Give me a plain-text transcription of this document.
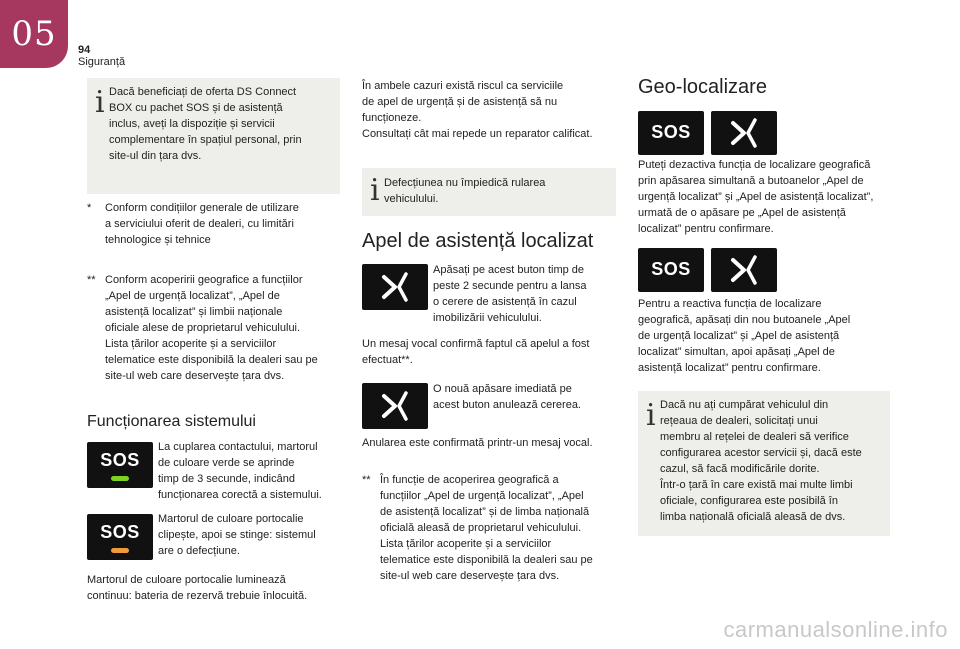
05	94
Siguranță
i Dacă beneficiați de oferta DS Connect
BOX cu pachet SOS și de asistență
inclus, aveți la dispoziție și servicii
complementare în spațiul personal, prin
site-ul din țara dvs.
* Conform condițiilor generale de utilizare
a serviciului oferit de dealeri, cu limitări
tehnologice și tehnice
** Conform acoperirii geografice a funcțiilor
„Apel de urgență localizat”, „Apel de
asistență localizat” și limbii naționale
oficiale alese de proprietarul vehiculului.
Lista țărilor acoperite și a serviciilor
telematice este disponibilă la dealeri sau pe
site-ul web care deservește țara dvs.
Funcționarea sistemului
SOS
La cuplarea contactului, martorul
de culoare verde se aprinde
timp de 3 secunde, indicând
funcționarea corectă a sistemului.
SOS
Martorul de culoare portocalie
clipește, apoi se stinge: sistemul
are o defecțiune.
Martorul de culoare portocalie luminează
continuu: bateria de rezervă trebuie înlocuită.
În ambele cazuri există riscul ca serviciile
de apel de urgență și de asistență să nu
funcționeze.
Consultați cât mai repede un reparator calificat.
i Defecțiunea nu împiedică rularea
vehiculului.
Apel de asistență localizat
Apăsați pe acest buton timp de
peste 2 secunde pentru a lansa
o cerere de asistență în cazul
imobilizării vehiculului.
Un mesaj vocal confirmă faptul că apelul a fost
efectuat**.
O nouă apăsare imediată pe
acest buton anulează cererea.
Anularea este confirmată printr-un mesaj vocal.
** În funcție de acoperirea geografică a
funcțiilor „Apel de urgență localizat”, „Apel
de asistență localizat” și de limba națională
oficială aleasă de proprietarul vehiculului.
Lista țărilor acoperite și a serviciilor
telematice este disponibilă la dealeri sau pe
site-ul web care deservește țara dvs.
Geo-localizare
SOS
Puteți dezactiva funcția de localizare geografică
prin apăsarea simultană a butoanelor „Apel de
urgență localizat” și „Apel de asistență localizat”,
urmată de o apăsare pe „Apel de asistență
localizat” pentru confirmare.
SOS
Pentru a reactiva funcția de localizare
geografică, apăsați din nou butoanele „Apel
de urgență localizat” și „Apel de asistență
localizat” simultan, apoi apăsați „Apel de
asistență localizat” pentru confirmare.
i Dacă nu ați cumpărat vehiculul din
rețeaua de dealeri, solicitați unui
membru al rețelei de dealeri să verifice
configurarea acestor servicii și, dacă este
cazul, să facă modificările dorite.
Într-o țară în care există mai multe limbi
oficiale, configurarea este posibilă în
limba națională oficială aleasă de dvs.
carmanualsonline.info
